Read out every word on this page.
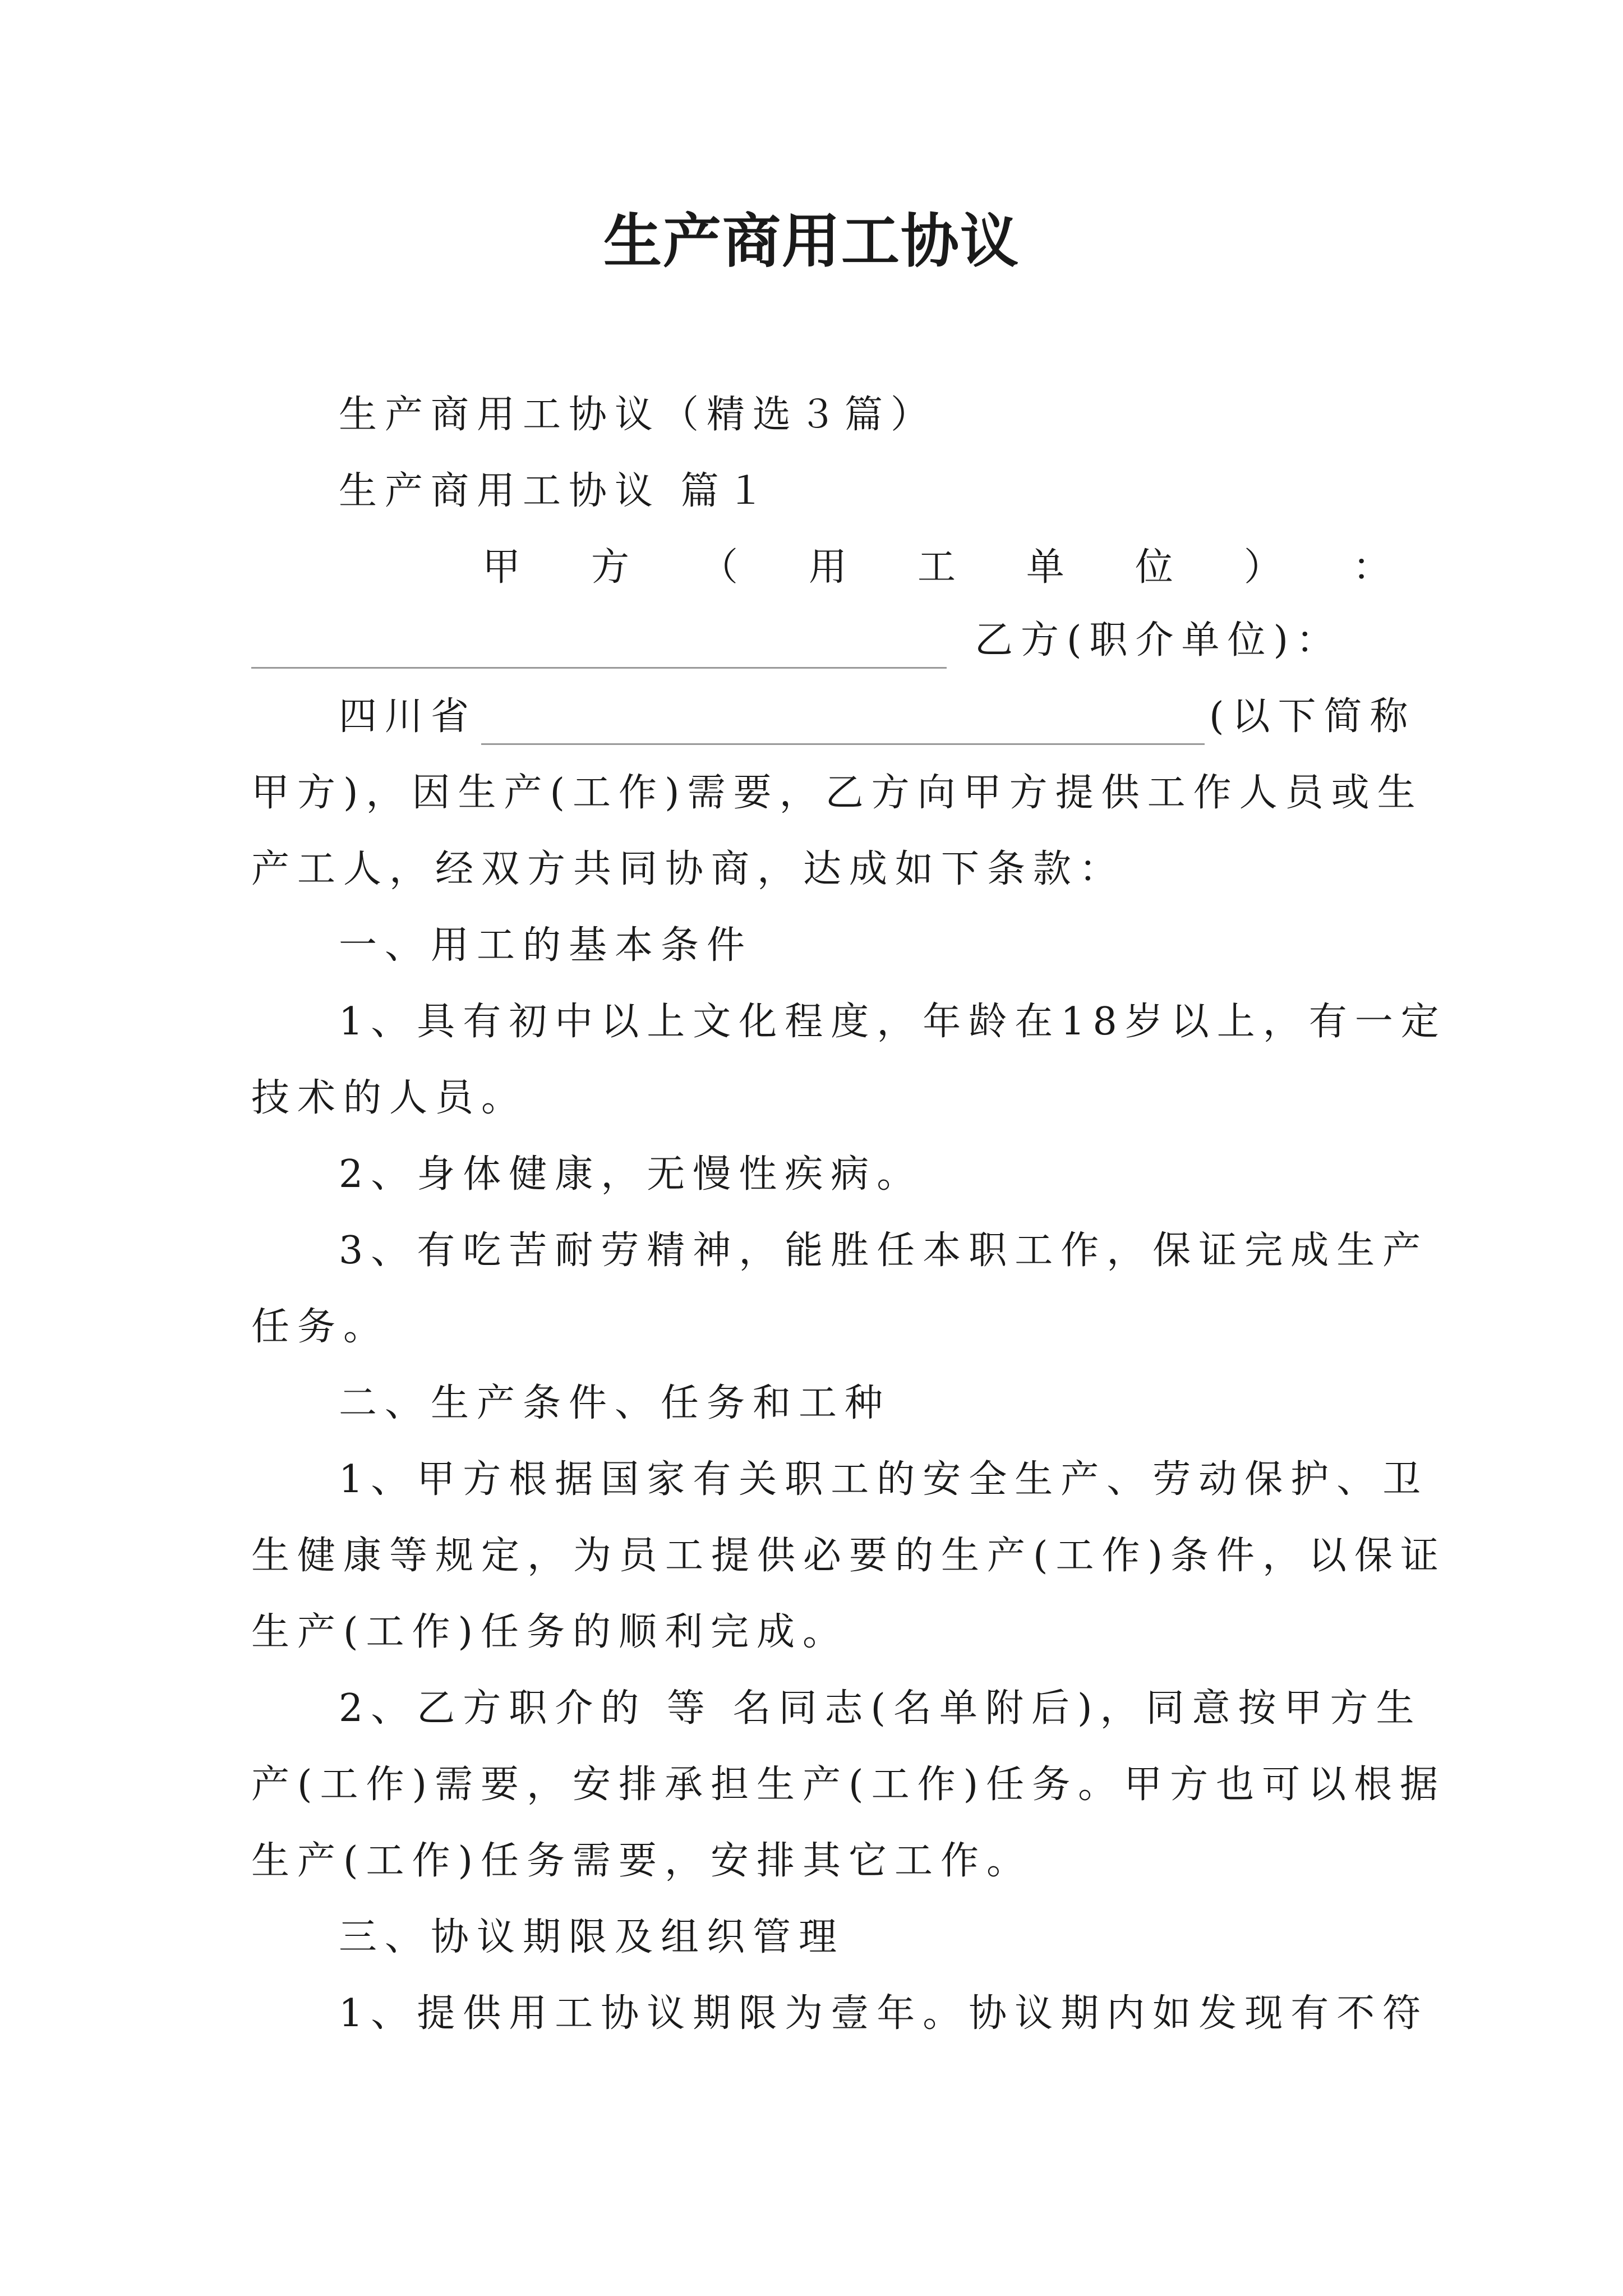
生产商用工协议
生产商用工协议（精选３篇）
生产商用工协议 篇１
甲 方 （ 用 工 单 位 ） ：
乙方(职介单位)：
四川省	(以下简称
甲方)，因生产(工作)需要，乙方向甲方提供工作人员或生
产工人，经双方共同协商，达成如下条款：
一、用工的基本条件
1、具有初中以上文化程度，年龄在18岁以上，有一定
技术的人员。
2、身体健康，无慢性疾病。
3、有吃苦耐劳精神，能胜任本职工作，保证完成生产
任务。
二、生产条件、任务和工种
1、甲方根据国家有关职工的安全生产、劳动保护、卫
生健康等规定，为员工提供必要的生产(工作)条件，以保证
生产(工作)任务的顺利完成。
2、乙方职介的 等 名同志(名单附后)，同意按甲方生
产(工作)需要，安排承担生产(工作)任务。甲方也可以根据
生产(工作)任务需要，安排其它工作。
三、协议期限及组织管理
1、提供用工协议期限为壹年。协议期内如发现有不符
